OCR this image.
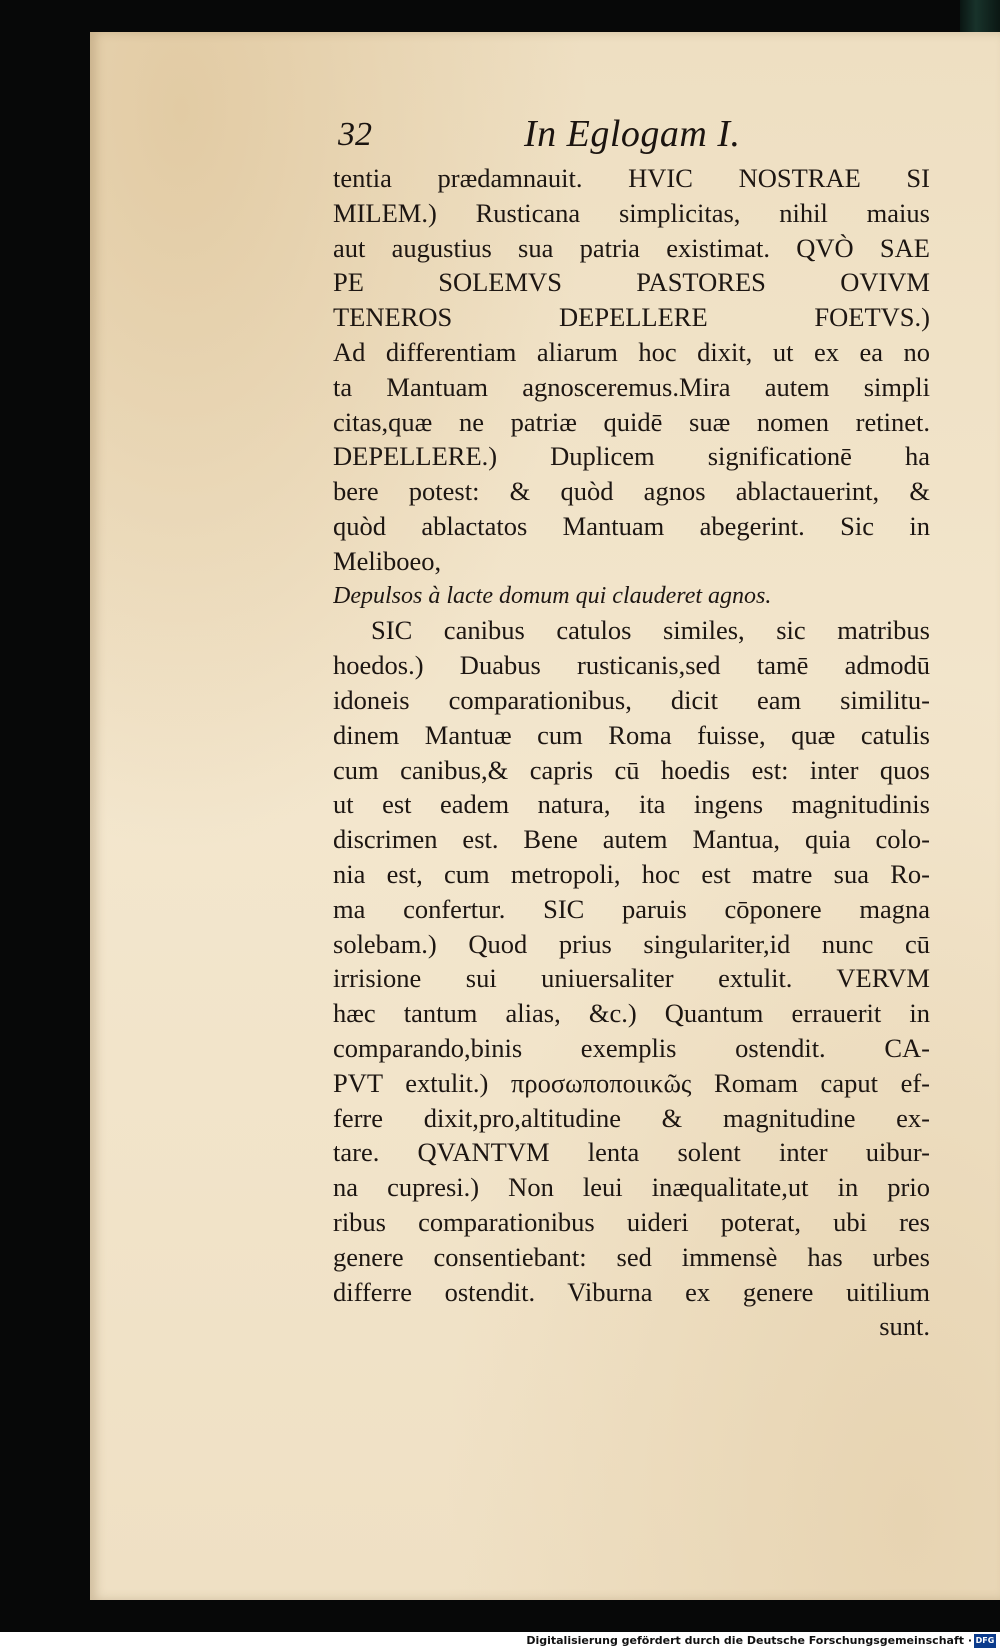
32	In Eglogam I.
tentia prædamnauit. HVIC NOSTRAE SI
MILEM.) Rusticana simplicitas, nihil maius
aut augustius sua patria existimat. QVÒ SAE
PE SOLEMVS PASTORES OVIVM
TENEROS DEPELLERE FOETVS.)
Ad differentiam aliarum hoc dixit, ut ex ea no
ta Mantuam agnosceremus.Mira autem simpli
citas,quæ ne patriæ quidē suæ nomen retinet.
DEPELLERE.) Duplicem significationē ha
bere potest: & quòd agnos ablactauerint, &
quòd ablactatos Mantuam abegerint. Sic in
Meliboeo,
Depulsos à lacte domum qui clauderet agnos.
SIC canibus catulos similes, sic matribus
hoedos.) Duabus rusticanis,sed tamē admodū
idoneis comparationibus, dicit eam similitu-
dinem Mantuæ cum Roma fuisse, quæ catulis
cum canibus,& capris cū hoedis est: inter quos
ut est eadem natura, ita ingens magnitudinis
discrimen est. Bene autem Mantua, quia colo-
nia est, cum metropoli, hoc est matre sua Ro-
ma confertur. SIC paruis cōponere magna
solebam.) Quod prius singulariter,id nunc cū
irrisione sui uniuersaliter extulit. VERVM
hæc tantum alias, &c.) Quantum errauerit in
comparando,binis exemplis ostendit. CA-
PVT extulit.) προσωποποιικῶς Romam caput ef-
ferre dixit,pro,altitudine & magnitudine ex-
tare. QVANTVM lenta solent inter uibur-
na cupresi.) Non leui inæqualitate,ut in prio
ribus comparationibus uideri poterat, ubi res
genere consentiebant: sed immensè has urbes
differre ostendit. Viburna ex genere uitilium
sunt.
Digitalisierung gefördert durch die Deutsche Forschungsgemeinschaft · DFG
